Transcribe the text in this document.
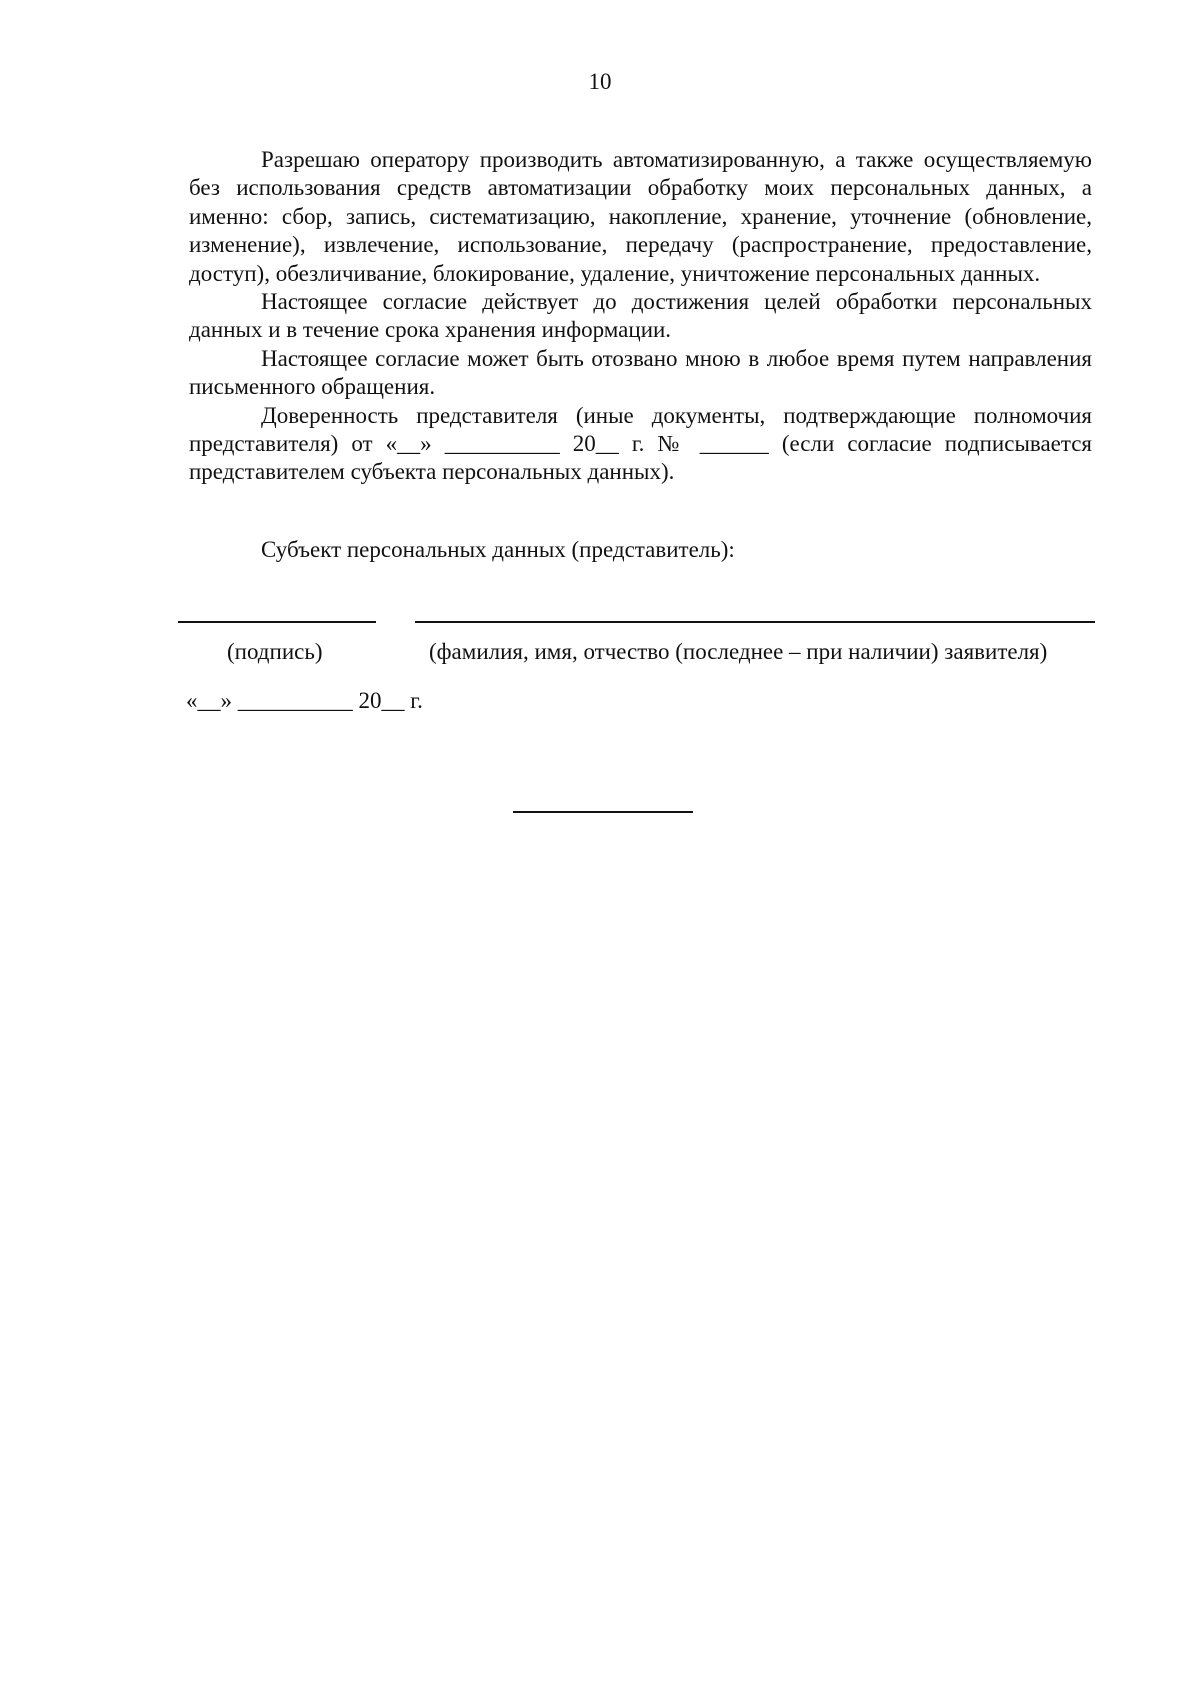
10

Разрешаю оператору производить автоматизированную, а также осуществляемую без использования средств автоматизации обработку моих персональных данных, а именно: сбор, запись, систематизацию, накопление, хранение, уточнение (обновление, изменение), извлечение, использование, передачу (распространение, предоставление, доступ), обезличивание, блокирование, удаление, уничтожение персональных данных.

Настоящее согласие действует до достижения целей обработки персональных данных и в течение срока хранения информации.

Настоящее согласие может быть отозвано мною в любое время путем направления письменного обращения.

Доверенность представителя (иные документы, подтверждающие полномочия представителя) от «__» __________ 20__ г. № ______ (если согласие подписывается представителем субъекта персональных данных).

Субъект персональных данных (представитель):
(подпись)	(фамилия, имя, отчество (последнее – при наличии) заявителя)
«__» __________ 20__ г.
